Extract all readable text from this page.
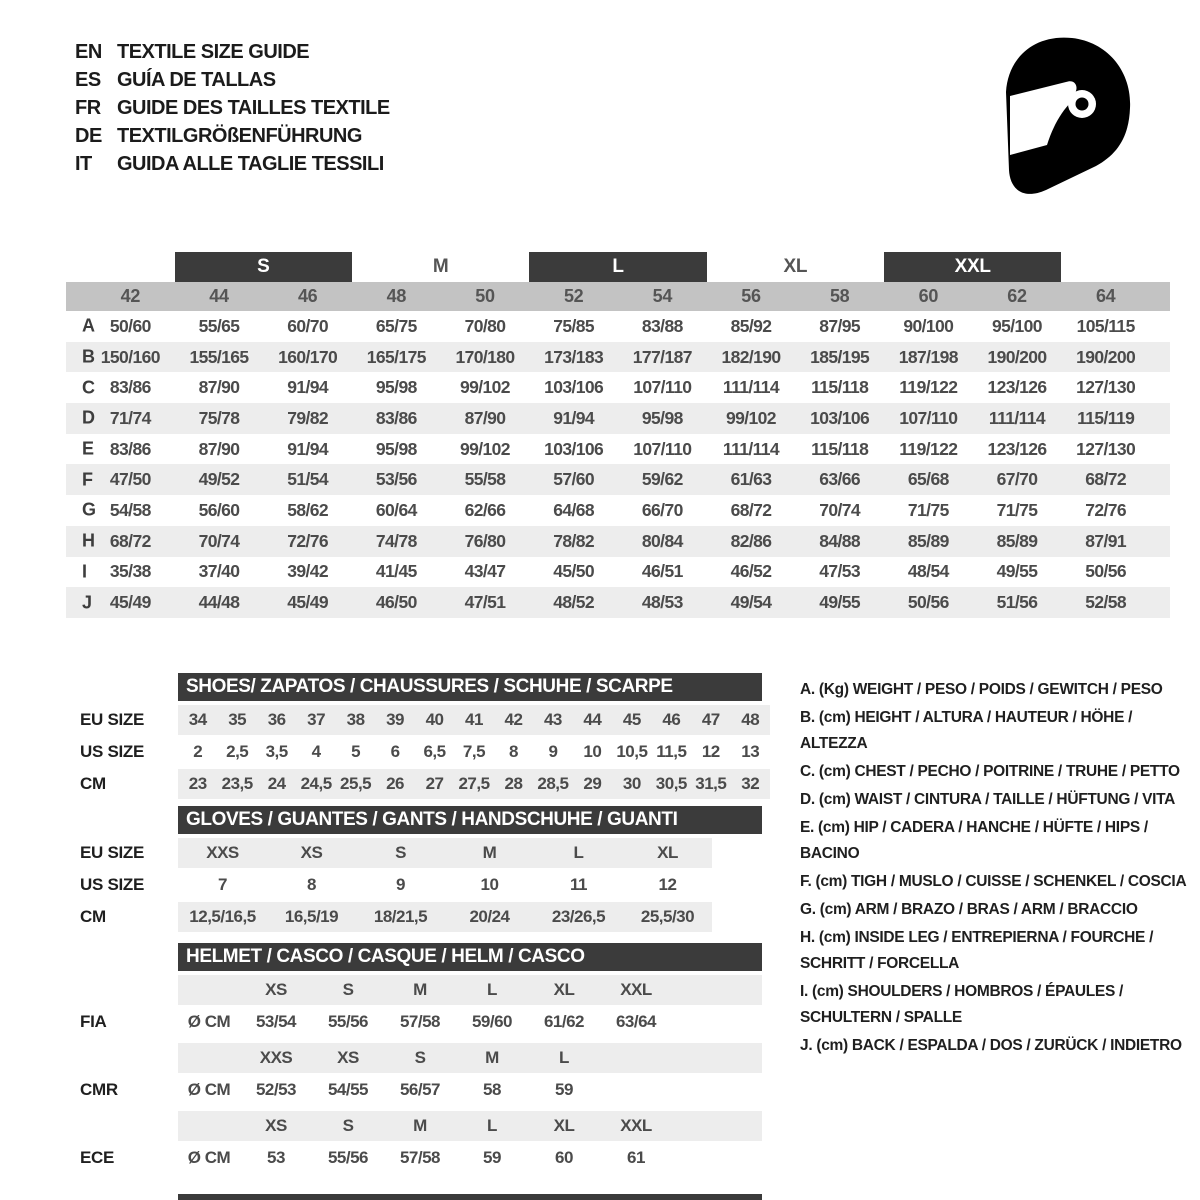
EN TEXTILE SIZE GUIDE
ES GUÍA DE TALLAS
FR GUIDE DES TAILLES TEXTILE
DE TEXTILGRÖßENFÜHRUNG
IT	GUIDA ALLE TAGLIE TESSILI
S	M	L	XL	XXL
42	44	46	48	50	52	54	56	58	60	62	64
A 50/60	55/65	60/70	65/75	70/80	75/85	83/88	85/92	87/95	90/100	95/100	105/115
B 150/160	155/165	160/170	165/175	170/180	173/183	177/187	182/190	185/195	187/198	190/200	190/200
C 83/86	87/90	91/94	95/98	99/102	103/106	107/110	111/114	115/118	119/122	123/126	127/130
D 71/74	75/78	79/82	83/86	87/90	91/94	95/98	99/102	103/106	107/110	111/114	115/119
E 83/86	87/90	91/94	95/98	99/102	103/106	107/110	111/114	115/118	119/122	123/126	127/130
F 47/50	49/52	51/54	53/56	55/58	57/60	59/62	61/63	63/66	65/68	67/70	68/72
G 54/58	56/60	58/62	60/64	62/66	64/68	66/70	68/72	70/74	71/75	71/75	72/76
H 68/72	70/74	72/76	74/78	76/80	78/82	80/84	82/86	84/88	85/89	85/89	87/91
I	35/38	37/40	39/42	41/45	43/47	45/50	46/51	46/52	47/53	48/54	49/55	50/56
J	45/49	44/48	45/49	46/50	47/51	48/52	48/53	49/54	49/55	50/56	51/56	52/58
SHOES/ ZAPATOS / CHAUSSURES / SCHUHE / SCARPE
EU SIZE	34	35	36	37	38	39	40	41	42	43	44	45	46	47	48
US SIZE	2	2,5	3,5	4	5	6	6,5	7,5	8	9	10 10,5 11,5 12	13
CM	23 23,5 24 24,5 25,5 26	27 27,5 28 28,5 29	30 30,5 31,5 32
GLOVES / GUANTES / GANTS / HANDSCHUHE / GUANTI
EU SIZE	XXS	XS	S	M	L	XL
US SIZE	7	8	9	10	11	12
CM	12,5/16,5	16,5/19	18/21,5	20/24	23/26,5	25,5/30
HELMET / CASCO / CASQUE / HELM / CASCO
XS	S	M	L	XL	XXL
FIA	Ø CM	53/54	55/56	57/58	59/60	61/62	63/64
XXS	XS	S	M	L
CMR	Ø CM	52/53	54/55	56/57	58	59
XS	S	M	L	XL	XXL
ECE	Ø CM	53	55/56	57/58	59	60	61
A. (Kg) WEIGHT / PESO / POIDS / GEWITCH / PESO
B. (cm) HEIGHT / ALTURA / HAUTEUR / HÖHE / ALTEZZA
C. (cm) CHEST / PECHO / POITRINE / TRUHE / PETTO
D. (cm) WAIST / CINTURA / TAILLE / HÜFTUNG / VITA
E. (cm) HIP / CADERA / HANCHE / HÜFTE / HIPS / BACINO
F. (cm) TIGH / MUSLO / CUISSE / SCHENKEL / COSCIA
G. (cm) ARM / BRAZO / BRAS / ARM / BRACCIO
H. (cm) INSIDE LEG / ENTREPIERNA / FOURCHE / SCHRITT / FORCELLA
I. (cm) SHOULDERS / HOMBROS / ÉPAULES / SCHULTERN / SPALLE
J. (cm) BACK / ESPALDA / DOS / ZURÜCK / INDIETRO
